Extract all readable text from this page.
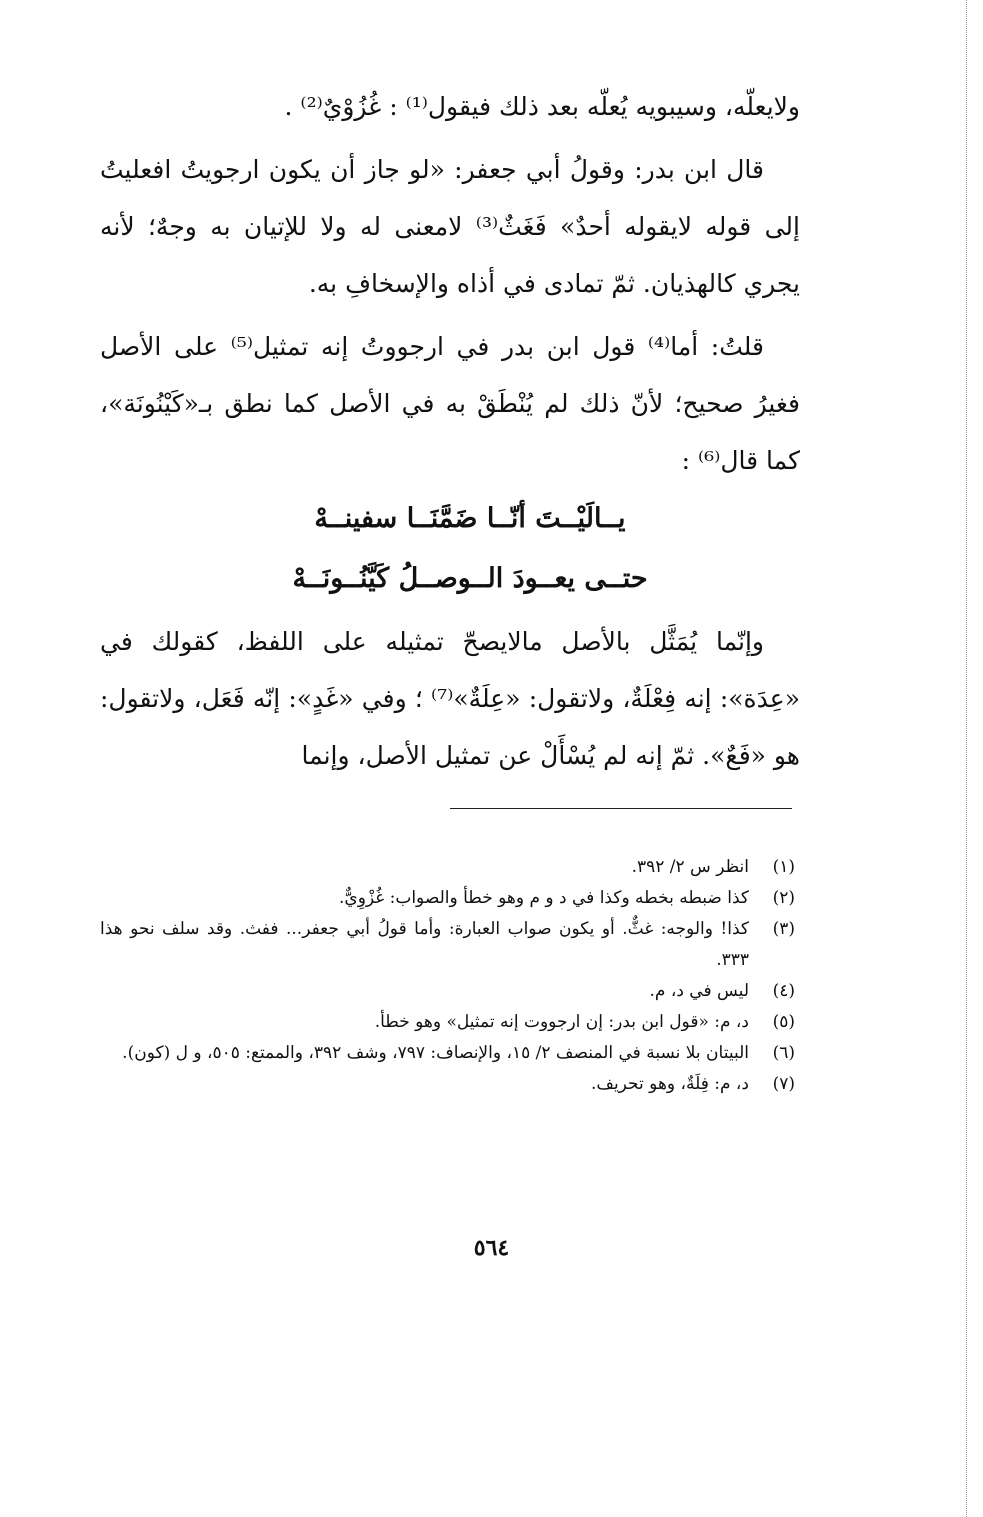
ولايعلّه، وسيبويه يُعلّه بعد ذلك فيقول⁽¹⁾ : غُزُوْيٌ⁽²⁾ .

قال ابن بدر: وقولُ أبي جعفر: «لو جاز أن يكون ارجويتُ افعليتُ إلى قوله لايقوله أحدٌ» فَغَثٌ⁽³⁾ لامعنى له ولا للإتيان به وجهٌ؛ لأنه يجري كالهذيان. ثمّ تمادى في أذاه والإسخافِ به.

قلتُ: أما⁽⁴⁾ قول ابن بدر في ارجووتُ إنه تمثيل⁽⁵⁾ على الأصل فغيرُ صحيح؛ لأنّ ذلك لم يُنْطَقْ به في الأصل كما نطق بـ«كَيْنُونَة»، كما قال⁽⁶⁾ :

يــالَيْــتَ أنّــا ضَمَّنَــا سفينــهْ

حتــى يعــودَ الــوصــلُ كَيَّنُــونَــهْ

وإنّما يُمَثَّل بالأصل مالايصحّ تمثيله على اللفظ، كقولك في «عِدَة»: إنه فِعْلَةٌ، ولاتقول: «عِلَةٌ»⁽⁷⁾ ؛ وفي «غَدٍ»: إنّه فَعَل، ولاتقول: هو «فَعٌ». ثمّ إنه لم يُسْأَلْ عن تمثيل الأصل، وإنما

(١)
انظر س ٢/ ٣٩٢.
(٢)
كذا ضبطه بخطه وكذا في د و م وهو خطأ والصواب: غُزْوِيٌّ.
(٣)
كذا! والوجه: غثٌّ. أو يكون صواب العبارة: وأما قولُ أبي جعفر... ففث. وقد سلف نحو هذا ٣٣٣.
(٤)
ليس في د، م.
(٥)
د، م: «قول ابن بدر: إن ارجووت إنه تمثيل» وهو خطأ.
(٦)
البيتان بلا نسبة في المنصف ٢/ ١٥، والإنصاف: ٧٩٧، وشف ٣٩٢، والممتع: ٥٠٥، و ل (كون).
(٧)
د، م: فِلَةٌ، وهو تحريف.
٥٦٤
